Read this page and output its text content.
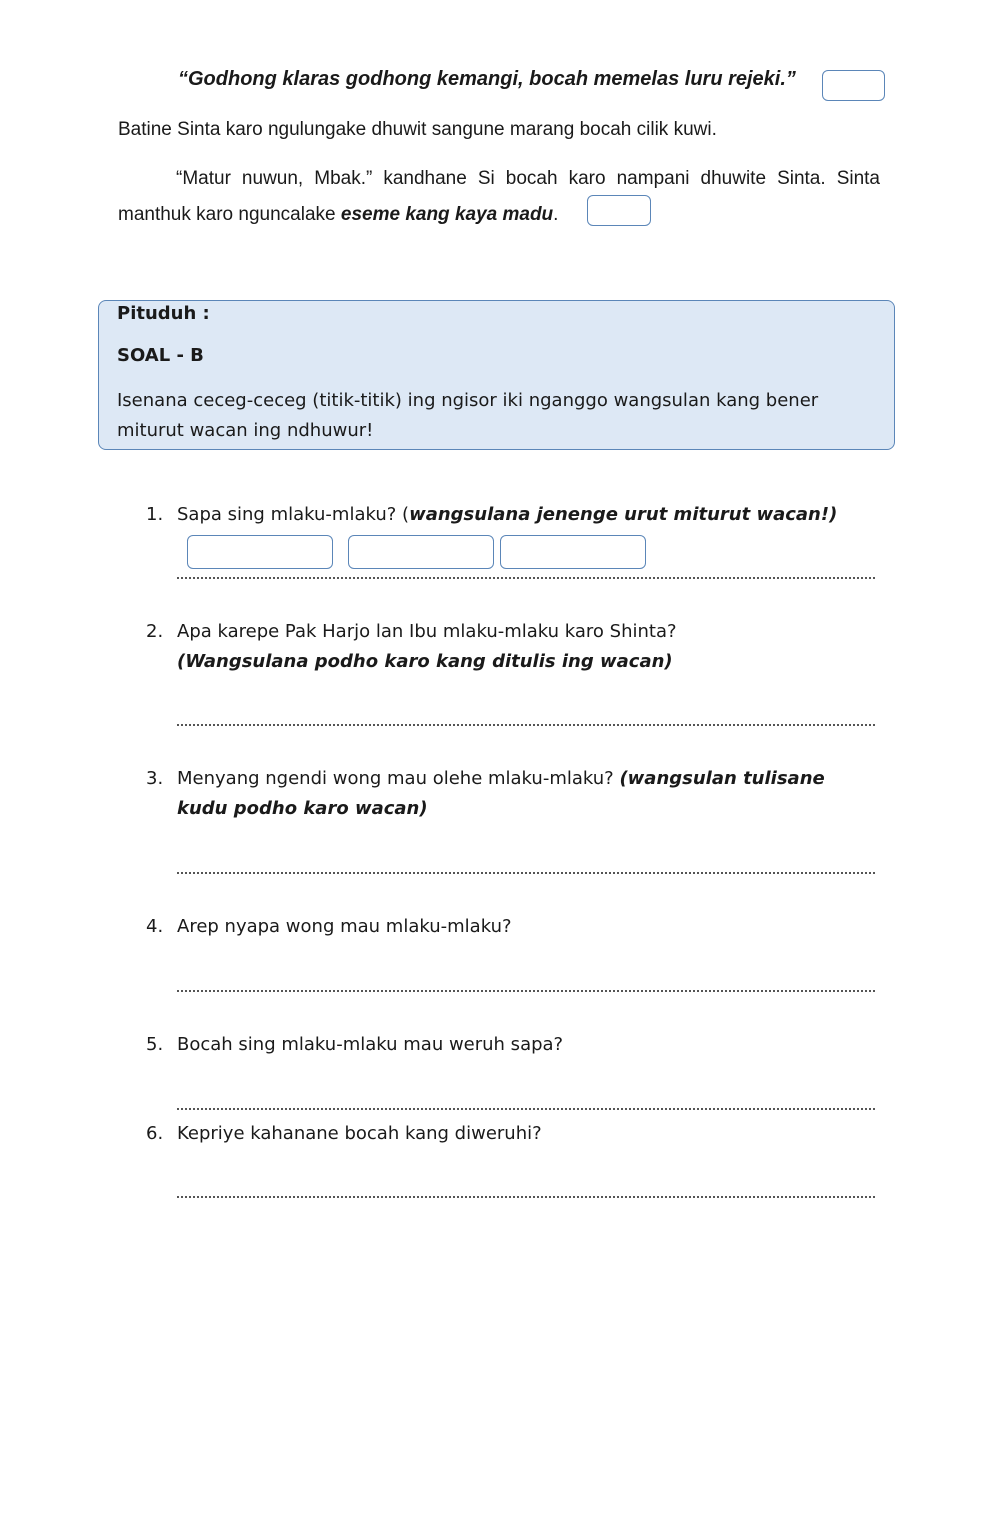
“Godhong klaras godhong kemangi, bocah memelas luru rejeki.”
Batine Sinta karo ngulungake dhuwit sangune marang bocah cilik kuwi.
“Matur nuwun, Mbak.” kandhane Si bocah karo nampani dhuwite Sinta. Sinta manthuk karo nguncalake eseme kang kaya madu.
Pituduh :
SOAL - B
Isenana ceceg-ceceg (titik-titik) ing ngisor iki nganggo wangsulan kang bener miturut wacan ing ndhuwur!
1. Sapa sing mlaku-mlaku? (wangsulana jenenge urut miturut wacan!)
2. Apa karepe Pak Harjo lan Ibu mlaku-mlaku karo Shinta?
(Wangsulana podho karo kang ditulis ing wacan)
3. Menyang ngendi wong mau olehe mlaku-mlaku? (wangsulan tulisane kudu podho karo wacan)
4. Arep nyapa wong mau mlaku-mlaku?
5. Bocah sing mlaku-mlaku mau weruh sapa?
6. Kepriye kahanane bocah kang diweruhi?
